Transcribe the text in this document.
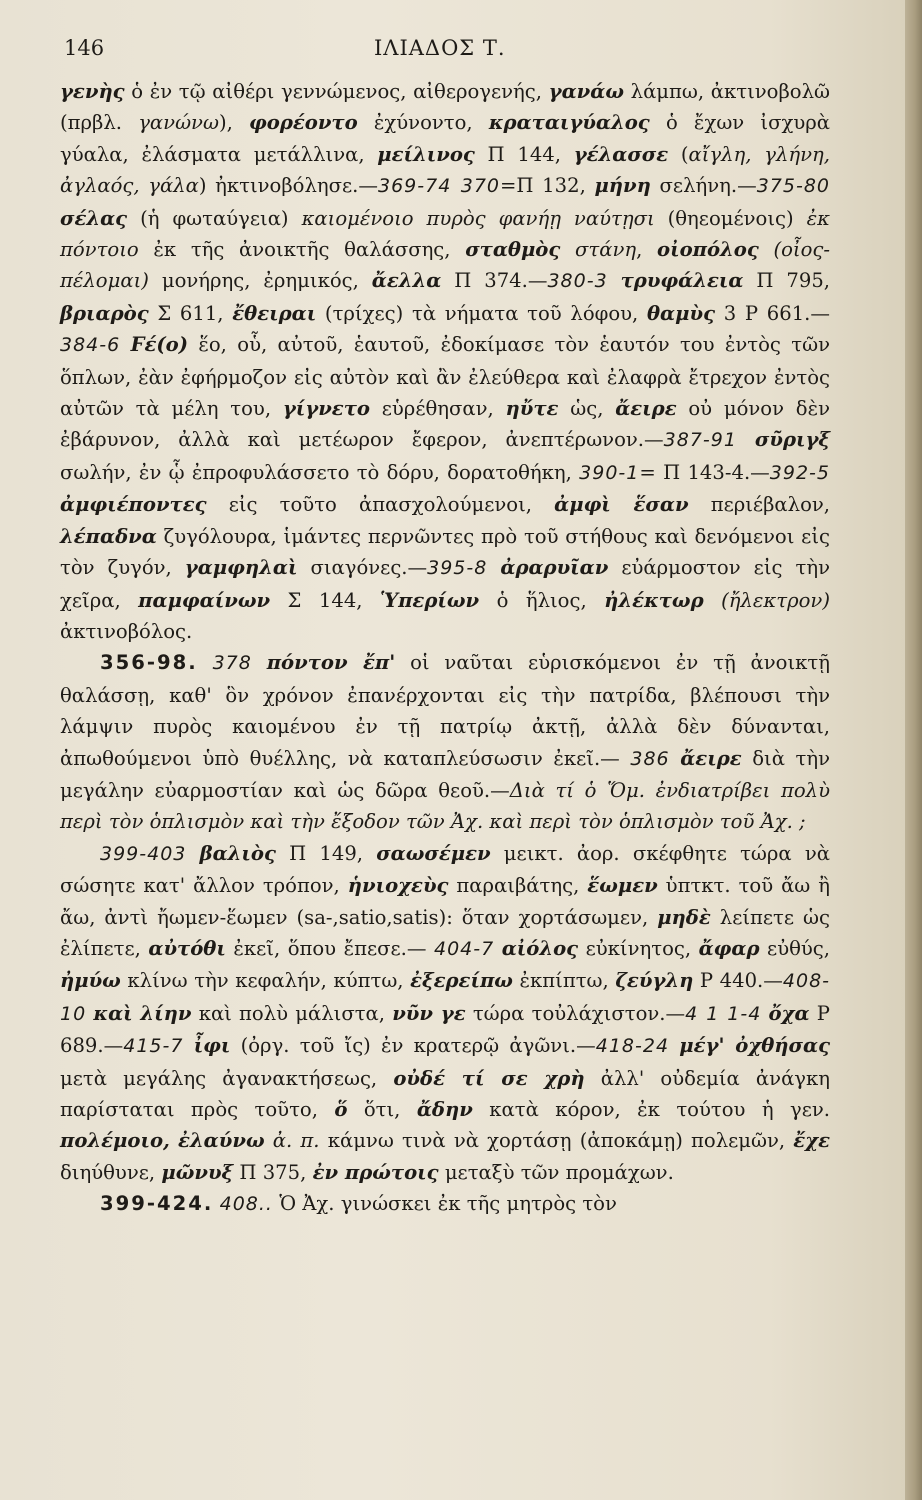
146	ΙΛΙΑΔΟΣ Τ.

γενὴς ὁ ἐν τῷ αἰθέρι γεννώμενος, αἰθερογενής, γανάω λάμπω, ἀκτινοβολῶ (πρβλ. γανώνω), φορέοντο ἐχύνοντο, κραταιγύαλος ὁ ἔχων ἰσχυρὰ γύαλα, ἐλάσματα μετάλλινα, μείλινος Π 144, γέλασσε (αἴγλη, γλήνη, ἀγλαός, γάλα) ἠκτινοβόλησε.—369-74 370=Π 132, μήνη σελήνη.—375-80 σέλας (ἡ φωταύγεια) καιομένοιο πυρὸς φανήῃ ναύτῃσι (θηεομένοις) ἐκ πόντοιο ἐκ τῆς ἀνοικτῆς θαλάσσης, σταθμὸς στάνη, οἰοπόλος (οἶος-πέλομαι) μονήρης, ἐρημικός, ἄελλα Π 374.—380-3 τρυφάλεια Π 795, βριαρὸς Σ 611, ἔθειραι (τρίχες) τὰ νήματα τοῦ λόφου, θαμὺς 3 Ρ 661.— 384-6 Ϝέ(ο) ἕο, οὗ, αὐτοῦ, ἑαυτοῦ, ἐδοκίμασε τὸν ἑαυτόν του ἐντὸς τῶν ὅπλων, ἐὰν ἐφήρμοζον εἰς αὐτὸν καὶ ἂν ἐλεύθερα καὶ ἐλαφρὰ ἔτρεχον ἐντὸς αὐτῶν τὰ μέλη του, γίγνετο εὑρέθησαν, ηὔτε ὡς, ἄειρε οὐ μόνον δὲν ἐβάρυνον, ἀλλὰ καὶ μετέωρον ἔφερον, ἀνεπτέρωνον.—387-91 σῦριγξ σωλήν, ἐν ᾧ ἐπροφυλάσσετο τὸ δόρυ, δορατοθήκη, 390-1= Π 143-4.—392-5 ἀμφιέποντες εἰς τοῦτο ἀπασχολούμενοι, ἀμφὶ ἕσαν περιέβαλον, λέπαδνα ζυγόλουρα, ἱμάντες περνῶντες πρὸ τοῦ στήθους καὶ δενόμενοι εἰς τὸν ζυγόν, γαμφηλαὶ σιαγόνες.—395-8 ἀραρυῖαν εὐάρμοστον εἰς τὴν χεῖρα, παμφαίνων Σ 144, Ὑπερίων ὁ ἥλιος, ἠλέκτωρ (ἤλεκτρον) ἀκτινοβόλος.

356-98. 378 πόντον ἔπ' οἱ ναῦται εὑρισκόμενοι ἐν τῇ ἀνοικτῇ θαλάσσῃ, καθ' ὃν χρόνον ἐπανέρχονται εἰς τὴν πατρίδα, βλέπουσι τὴν λάμψιν πυρὸς καιομένου ἐν τῇ πατρίῳ ἀκτῇ, ἀλλὰ δὲν δύνανται, ἀπωθούμενοι ὑπὸ θυέλλης, νὰ καταπλεύσωσιν ἐκεῖ.— 386 ἄειρε διὰ τὴν μεγάλην εὐαρμοστίαν καὶ ὡς δῶρα θεοῦ.—Διὰ τί ὁ Ὅμ. ἐνδιατρίβει πολὺ περὶ τὸν ὁπλισμὸν καὶ τὴν ἔξοδον τῶν Ἀχ. καὶ περὶ τὸν ὁπλισμὸν τοῦ Ἀχ. ;

399-403 βαλιὸς Π 149, σαωσέμεν μεικτ. ἀορ. σκέφθητε τώρα νὰ σώσητε κατ' ἄλλον τρόπον, ἡνιοχεὺς παραιβάτης, ἕωμεν ὑπτκτ. τοῦ ἄω ἢ ἄω, ἀντὶ ἤωμεν-ἕωμεν (sa-,satio,satis): ὅταν χορτάσωμεν, μηδὲ λείπετε ὡς ἐλίπετε, αὐτόθι ἐκεῖ, ὅπου ἔπεσε.— 404-7 αἰόλος εὐκίνητος, ἄφαρ εὐθύς, ἠμύω κλίνω τὴν κεφαλήν, κύπτω, ἐξερείπω ἐκπίπτω, ζεύγλη Ρ 440.—408-10 καὶ λίην καὶ πολὺ μάλιστα, νῦν γε τώρα τοὐλάχιστον.—4 1 1-4 ὄχα Ρ 689.—415-7 ἶφι (ὀργ. τοῦ ἴς) ἐν κρατερῷ ἀγῶνι.—418-24 μέγ' ὀχθήσας μετὰ μεγάλης ἀγανακτήσεως, οὐδέ τί σε χρὴ ἀλλ' οὐδεμία ἀνάγκη παρίσταται πρὸς τοῦτο, ὅ ὅτι, ἄδην κατὰ κόρον, ἐκ τούτου ἡ γεν. πολέμοιο, ἐλαύνω ἀ. π. κάμνω τινὰ νὰ χορτάσῃ (ἀποκάμῃ) πολεμῶν, ἔχε διηύθυνε, μῶνυξ Π 375, ἐν πρώτοις μεταξὺ τῶν προμάχων.

399-424. 408.. Ὁ Ἀχ. γινώσκει ἐκ τῆς μητρὸς τὸν
